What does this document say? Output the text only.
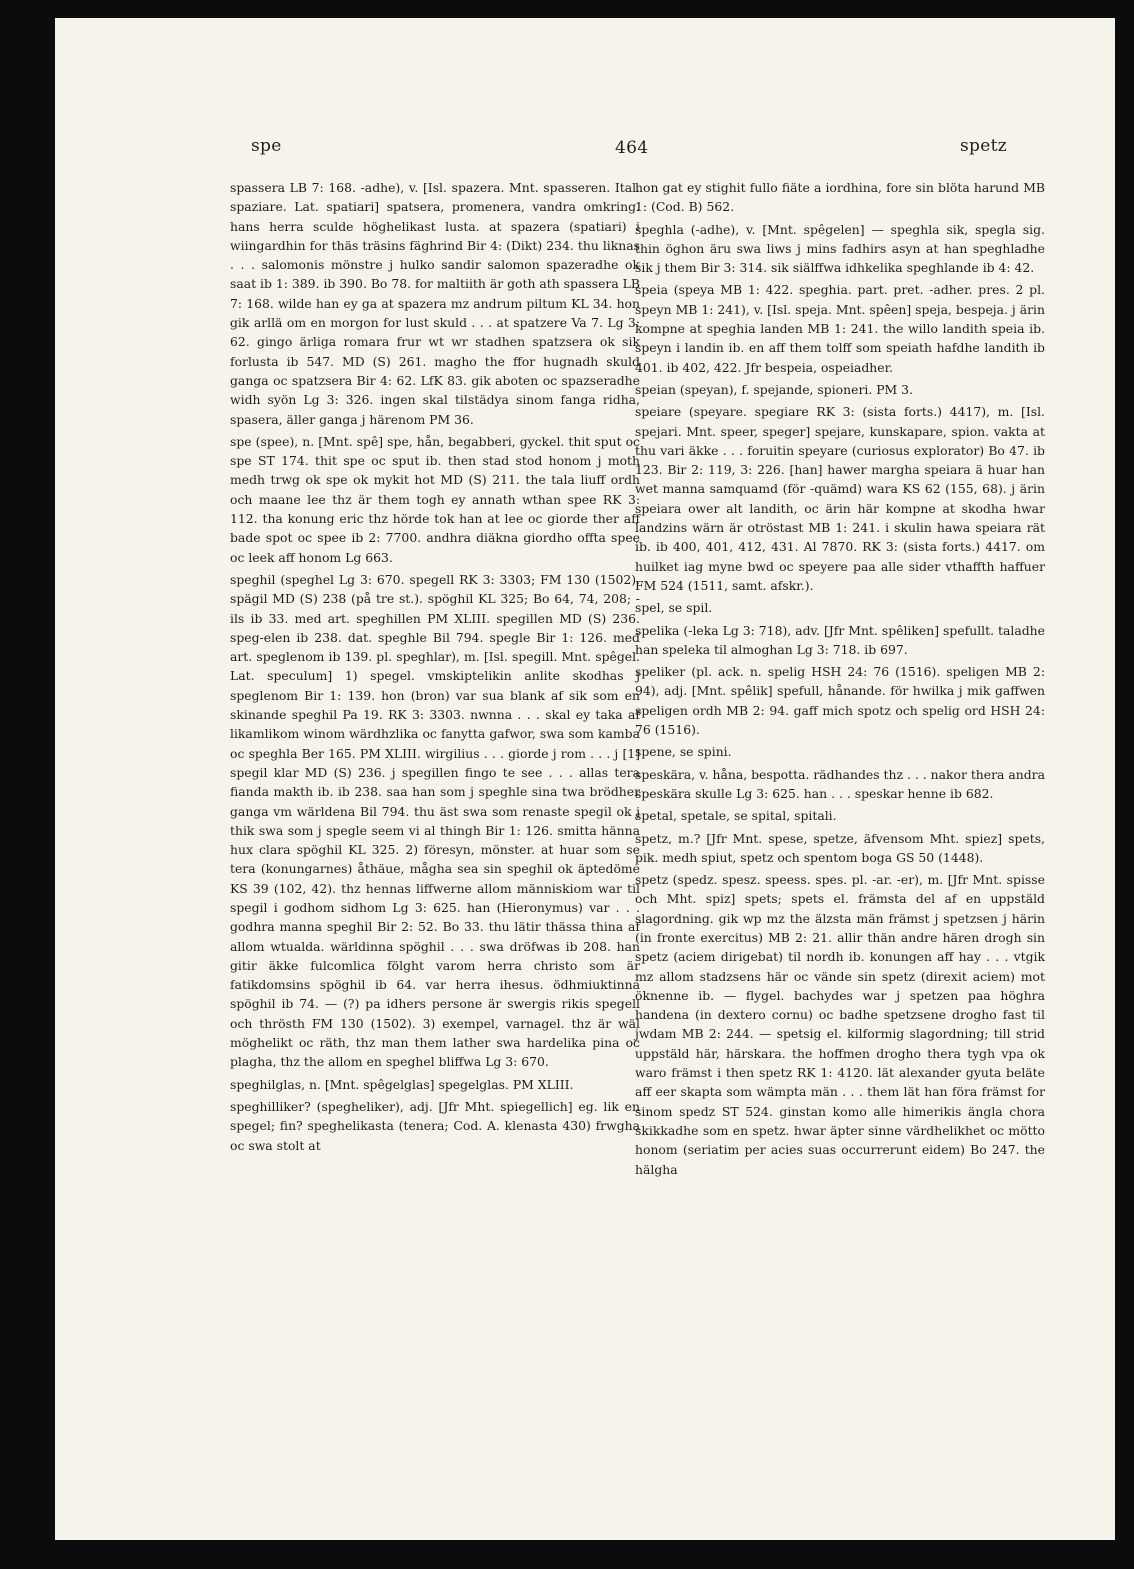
spe	464	spetz

spassera LB 7: 168. -adhe), v. [Isl. spazera. Mnt. spasseren. Ital. spaziare. Lat. spatiari] spatsera, promenera, vandra omkring. hans herra sculde höghelikast lusta. at spazera (spatiari) i wiingardhin for thäs träsins fäghrind Bir 4: (Dikt) 234. thu liknas . . . salomonis mönstre j hulko sandir salomon spazeradhe ok saat ib 1: 389. ib 390. Bo 78. for maltiith är goth ath spassera LB 7: 168. wilde han ey ga at spazera mz andrum piltum KL 34. hon gik arllä om en morgon for lust skuld . . . at spatzere Va 7. Lg 3: 62. gingo ärliga romara frur wt wr stadhen spatzsera ok sik forlusta ib 547. MD (S) 261. magho the ffor hugnadh skuld ganga oc spatzsera Bir 4: 62. LfK 83. gik aboten oc spazseradhe widh syön Lg 3: 326. ingen skal tilstädya sinom fanga ridha, spasera, äller ganga j härenom PM 36.

spe (spee), n. [Mnt. spê] spe, hån, begabberi, gyckel. thit sput oc spe ST 174. thit spe oc sput ib. then stad stod honom j moth medh trwg ok spe ok mykit hot MD (S) 211. the tala liuff ordh och maane lee thz är them togh ey annath wthan spee RK 3: 112. tha konung eric thz hörde tok han at lee oc giorde ther aff bade spot oc spee ib 2: 7700. andhra diäkna giordho offta spee oc leek aff honom Lg 663.

speghil (speghel Lg 3: 670. spegell RK 3: 3303; FM 130 (1502). spägil MD (S) 238 (på tre st.). spöghil KL 325; Bo 64, 74, 208; -ils ib 33. med art. speghillen PM XLIII. spegillen MD (S) 236. speg-elen ib 238. dat. speghle Bil 794. spegle Bir 1: 126. med art. speglenom ib 139. pl. speghlar), m. [Isl. spegill. Mnt. spêgel. Lat. speculum] 1) spegel. vmskiptelikin anlite skodhas j speglenom Bir 1: 139. hon (bron) var sua blank af sik som en skinande speghil Pa 19. RK 3: 3303. nwnna . . . skal ey taka af likamlikom winom wärdhzlika oc fanytta gafwor, swa som kamba oc speghla Ber 165. PM XLIII. wirgilius . . . giorde j rom . . . j [1] spegil klar MD (S) 236. j spegillen fingo te see . . . allas tera fianda makth ib. ib 238. saa han som j speghle sina twa brödher ganga vm wärldena Bil 794. thu äst swa som renaste spegil ok j thik swa som j spegle seem vi al thingh Bir 1: 126. smitta hänna hux clara spöghil KL 325. 2) föresyn, mönster. at huar som se tera (konungarnes) åthäue, mågha sea sin speghil ok äptedöme KS 39 (102, 42). thz hennas liffwerne allom människiom war til spegil i godhom sidhom Lg 3: 625. han (Hieronymus) var . . . godhra manna speghil Bir 2: 52. Bo 33. thu lätir thässa thina af allom wtualda. wärldinna spöghil . . . swa dröfwas ib 208. han gitir äkke fulcomlica fölght varom herra christo som är fatikdomsins spöghil ib 64. var herra ihesus. ödhmiuktinna spöghil ib 74. — (?) pa idhers persone är swergis rikis spegell och thrösth FM 130 (1502). 3) exempel, varnagel. thz är wäl möghelikt oc räth, thz man them lather swa hardelika pina oc plagha, thz the allom en speghel bliffwa Lg 3: 670.

speghilglas, n. [Mnt. spêgelglas] spegelglas. PM XLIII.

speghilliker? (spegheliker), adj. [Jfr Mht. spiegellich] eg. lik en spegel; fin? speghelikasta (tenera; Cod. A. klenasta 430) frwgha oc swa stolt at

hon gat ey stighit fullo fiäte a iordhina, fore sin blöta harund MB 1: (Cod. B) 562.

speghla (-adhe), v. [Mnt. spêgelen] — speghla sik, spegla sig. thin öghon äru swa liws j mins fadhirs asyn at han speghladhe sik j them Bir 3: 314. sik siälffwa idhkelika speghlande ib 4: 42.

speia (speya MB 1: 422. speghia. part. pret. -adher. pres. 2 pl. speyn MB 1: 241), v. [Isl. speja. Mnt. spêen] speja, bespeja. j ärin kompne at speghia landen MB 1: 241. the willo landith speia ib. speyn i landin ib. en aff them tolff som speiath hafdhe landith ib 401. ib 402, 422. Jfr bespeia, ospeiadher.

speian (speyan), f. spejande, spioneri. PM 3.

speiare (speyare. spegiare RK 3: (sista forts.) 4417), m. [Isl. spejari. Mnt. speer, speger] spejare, kunskapare, spion. vakta at thu vari äkke . . . foruitin speyare (curiosus explorator) Bo 47. ib 123. Bir 2: 119, 3: 226. [han] hawer margha speiara ä huar han wet manna samquamd (för -quämd) wara KS 62 (155, 68). j ärin speiara ower alt landith, oc ärin här kompne at skodha hwar landzins wärn är otröstast MB 1: 241. i skulin hawa speiara rät ib. ib 400, 401, 412, 431. Al 7870. RK 3: (sista forts.) 4417. om huilket iag myne bwd oc speyere paa alle sider vthaffth haffuer FM 524 (1511, samt. afskr.).

spel, se spil.

spelika (-leka Lg 3: 718), adv. [Jfr Mnt. spêliken] spefullt. taladhe han speleka til almoghan Lg 3: 718. ib 697.

speliker (pl. ack. n. spelig HSH 24: 76 (1516). speligen MB 2: 94), adj. [Mnt. spêlik] spefull, hånande. för hwilka j mik gaffwen speligen ordh MB 2: 94. gaff mich spotz och spelig ord HSH 24: 76 (1516).

spene, se spini.

speskära, v. håna, bespotta. rädhandes thz . . . nakor thera andra speskära skulle Lg 3: 625. han . . . speskar henne ib 682.

spetal, spetale, se spital, spitali.

spetz, m.? [Jfr Mnt. spese, spetze, äfvensom Mht. spiez] spets, pik. medh spiut, spetz och spentom boga GS 50 (1448).

spetz (spedz. spesz. speess. spes. pl. -ar. -er), m. [Jfr Mnt. spisse och Mht. spiz] spets; spets el. främsta del af en uppstäld slagordning. gik wp mz the älzsta män främst j spetzsen j härin (in fronte exercitus) MB 2: 21. allir thän andre hären drogh sin spetz (aciem dirigebat) til nordh ib. konungen aff hay . . . vtgik mz allom stadzsens här oc vände sin spetz (direxit aciem) mot öknenne ib. — flygel. bachydes war j spetzen paa höghra handena (in dextero cornu) oc badhe spetzsene drogho fast til jwdam MB 2: 244. — spetsig el. kilformig slagordning; till strid uppstäld här, härskara. the hoffmen drogho thera tygh vpa ok waro främst i then spetz RK 1: 4120. lät alexander gyuta beläte aff eer skapta som wämpta män . . . them lät han föra främst for sinom spedz ST 524. ginstan komo alle himerikis ängla chora skikkadhe som en spetz. hwar äpter sinne värdhelikhet oc mötto honom (seriatim per acies suas occurrerunt eidem) Bo 247. the hälgha
